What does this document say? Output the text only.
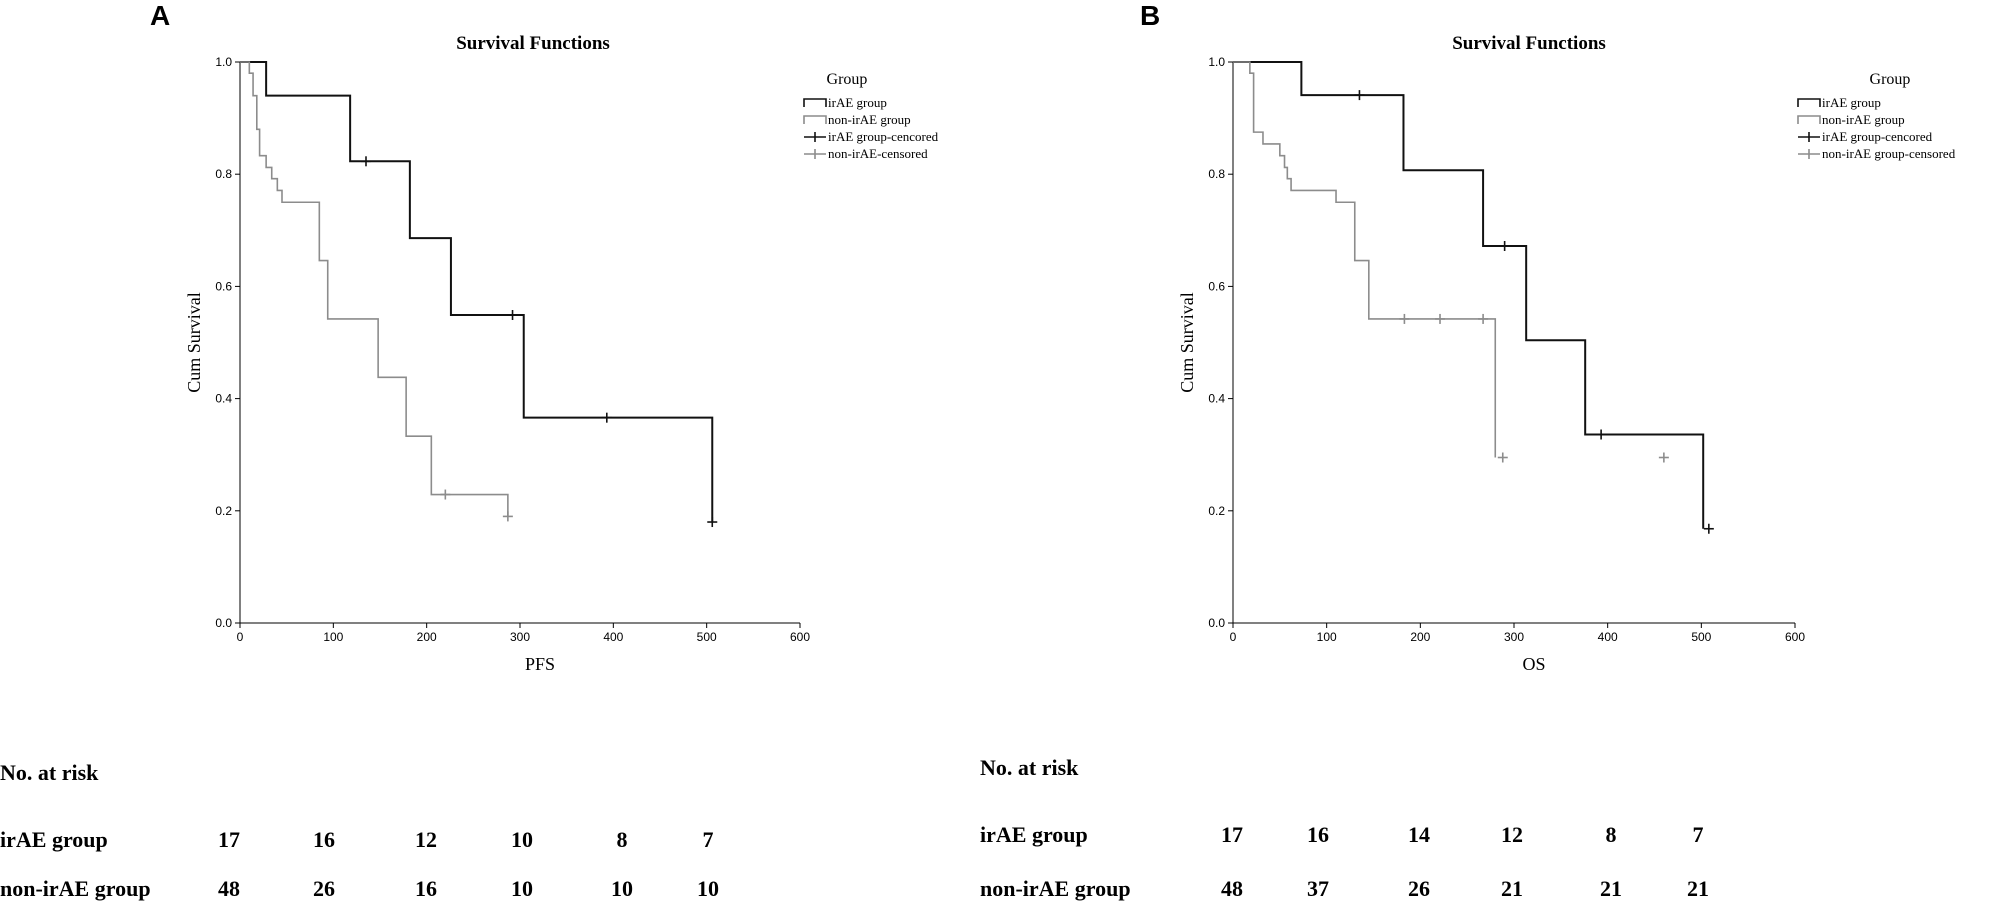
A
Survival Functions
0.0
0.2
0.4
0.6
0.8
1.0
0	100	200	300	400	500	600
PFS
Cum Survival
Group
irAE group
non-irAE group
irAE group-cencored
non-irAE-censored
No. at risk
irAE group	17	16	12	10	8	7
non-irAE group	48	26	16	10	10	10
B
Survival Functions
0.0
0.2
0.4
0.6
0.8
1.0
0	100	200	300	400	500	600
OS
Cum Survival
Group
irAE group
non-irAE group
irAE group-cencored
non-irAE group-censored
No. at risk
irAE group	17	16	14	12	8	7
non-irAE group	48	37	26	21	21	21
